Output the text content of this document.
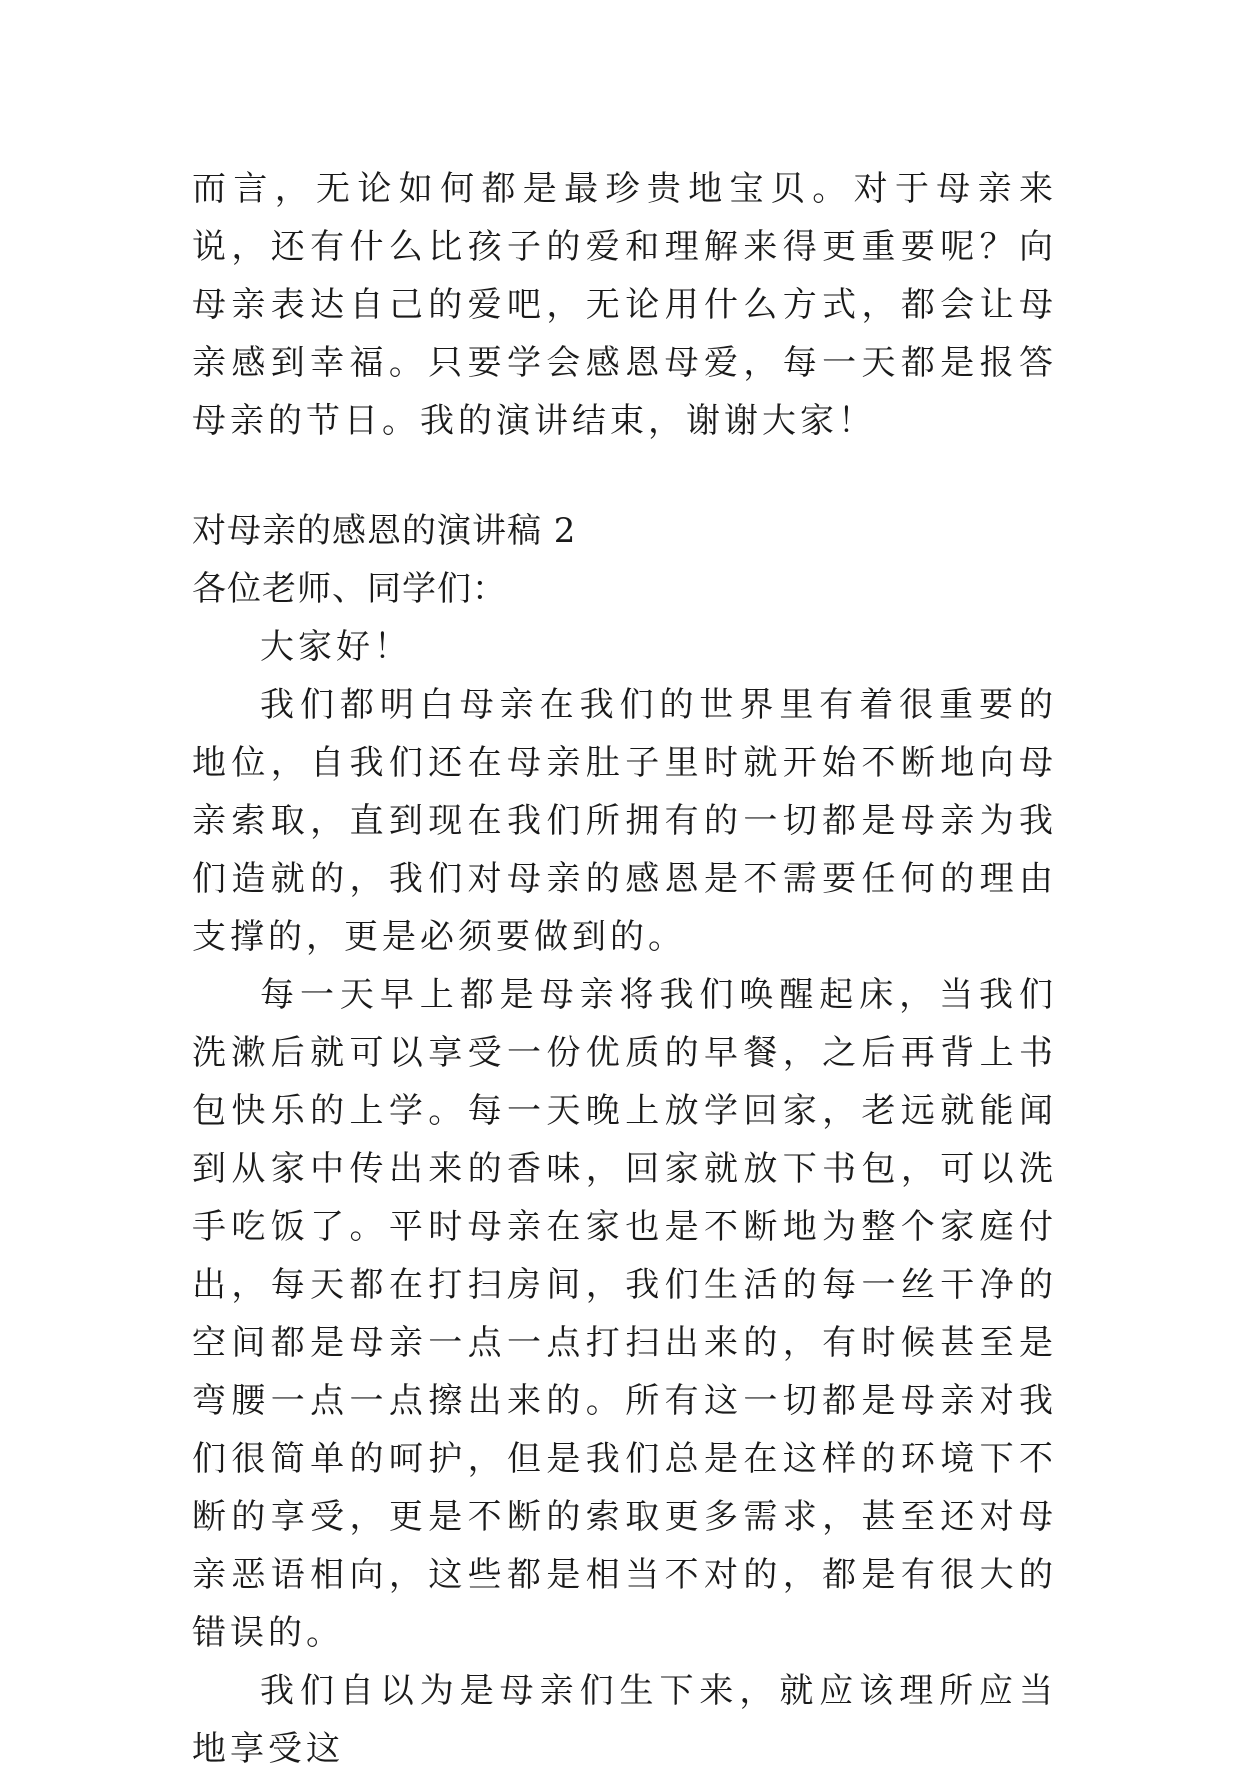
而言，无论如何都是最珍贵地宝贝。对于母亲来说，还有什么比孩子的爱和理解来得更重要呢？向母亲表达自己的爱吧，无论用什么方式，都会让母亲感到幸福。只要学会感恩母爱，每一天都是报答母亲的节日。我的演讲结束，谢谢大家！

对母亲的感恩的演讲稿 2

各位老师、同学们：

大家好！

我们都明白母亲在我们的世界里有着很重要的地位，自我们还在母亲肚子里时就开始不断地向母亲索取，直到现在我们所拥有的一切都是母亲为我们造就的，我们对母亲的感恩是不需要任何的理由支撑的，更是必须要做到的。

每一天早上都是母亲将我们唤醒起床，当我们洗漱后就可以享受一份优质的早餐，之后再背上书包快乐的上学。每一天晚上放学回家，老远就能闻到从家中传出来的香味，回家就放下书包，可以洗手吃饭了。平时母亲在家也是不断地为整个家庭付出，每天都在打扫房间，我们生活的每一丝干净的空间都是母亲一点一点打扫出来的，有时候甚至是弯腰一点一点擦出来的。所有这一切都是母亲对我们很简单的呵护，但是我们总是在这样的环境下不断的享受，更是不断的索取更多需求，甚至还对母亲恶语相向，这些都是相当不对的，都是有很大的错误的。

我们自以为是母亲们生下来，就应该理所应当地享受这
